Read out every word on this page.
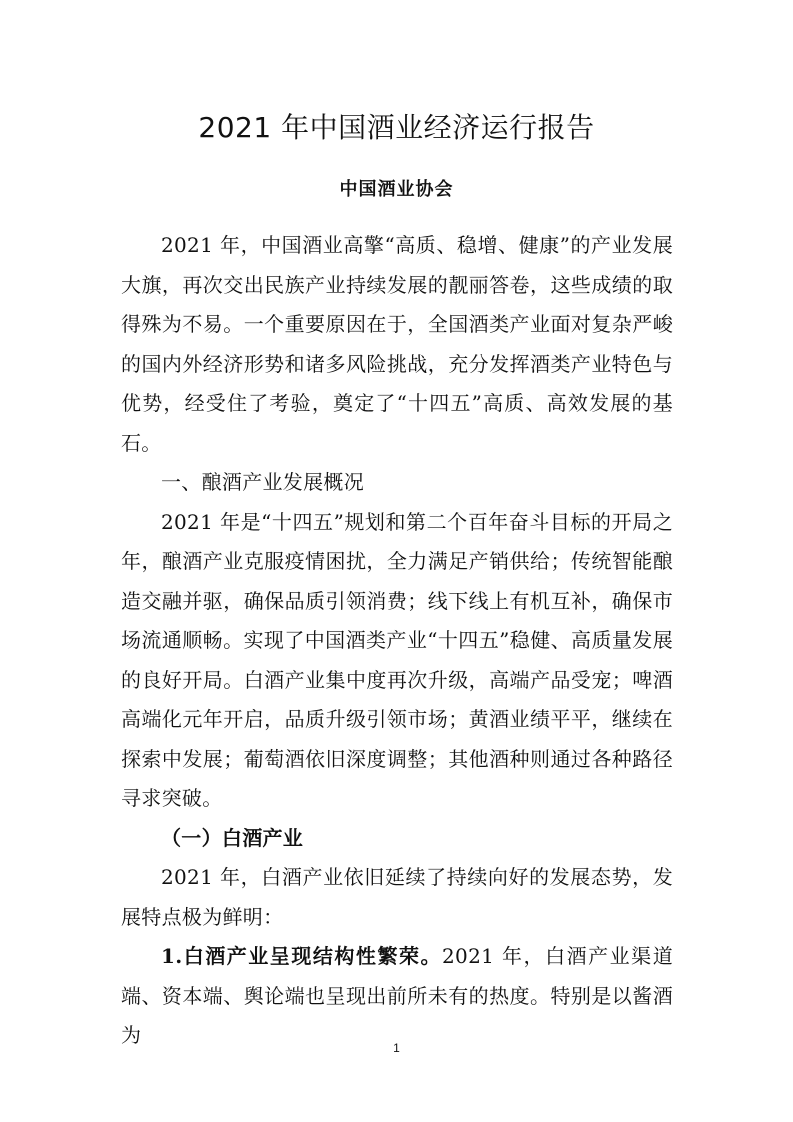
2021 年中国酒业经济运行报告
中国酒业协会

2021 年，中国酒业高擎“高质、稳增、健康”的产业发展大旗，再次交出民族产业持续发展的靓丽答卷，这些成绩的取得殊为不易。一个重要原因在于，全国酒类产业面对复杂严峻的国内外经济形势和诸多风险挑战，充分发挥酒类产业特色与优势，经受住了考验，奠定了“十四五”高质、高效发展的基石。

一、酿酒产业发展概况

2021 年是“十四五”规划和第二个百年奋斗目标的开局之年，酿酒产业克服疫情困扰，全力满足产销供给；传统智能酿造交融并驱，确保品质引领消费；线下线上有机互补，确保市场流通顺畅。实现了中国酒类产业“十四五”稳健、高质量发展的良好开局。白酒产业集中度再次升级，高端产品受宠；啤酒高端化元年开启，品质升级引领市场；黄酒业绩平平，继续在探索中发展；葡萄酒依旧深度调整；其他酒种则通过各种路径寻求突破。

（一）白酒产业

2021 年，白酒产业依旧延续了持续向好的发展态势，发展特点极为鲜明：

1.白酒产业呈现结构性繁荣。2021 年，白酒产业渠道端、资本端、舆论端也呈现出前所未有的热度。特别是以酱酒为

1
